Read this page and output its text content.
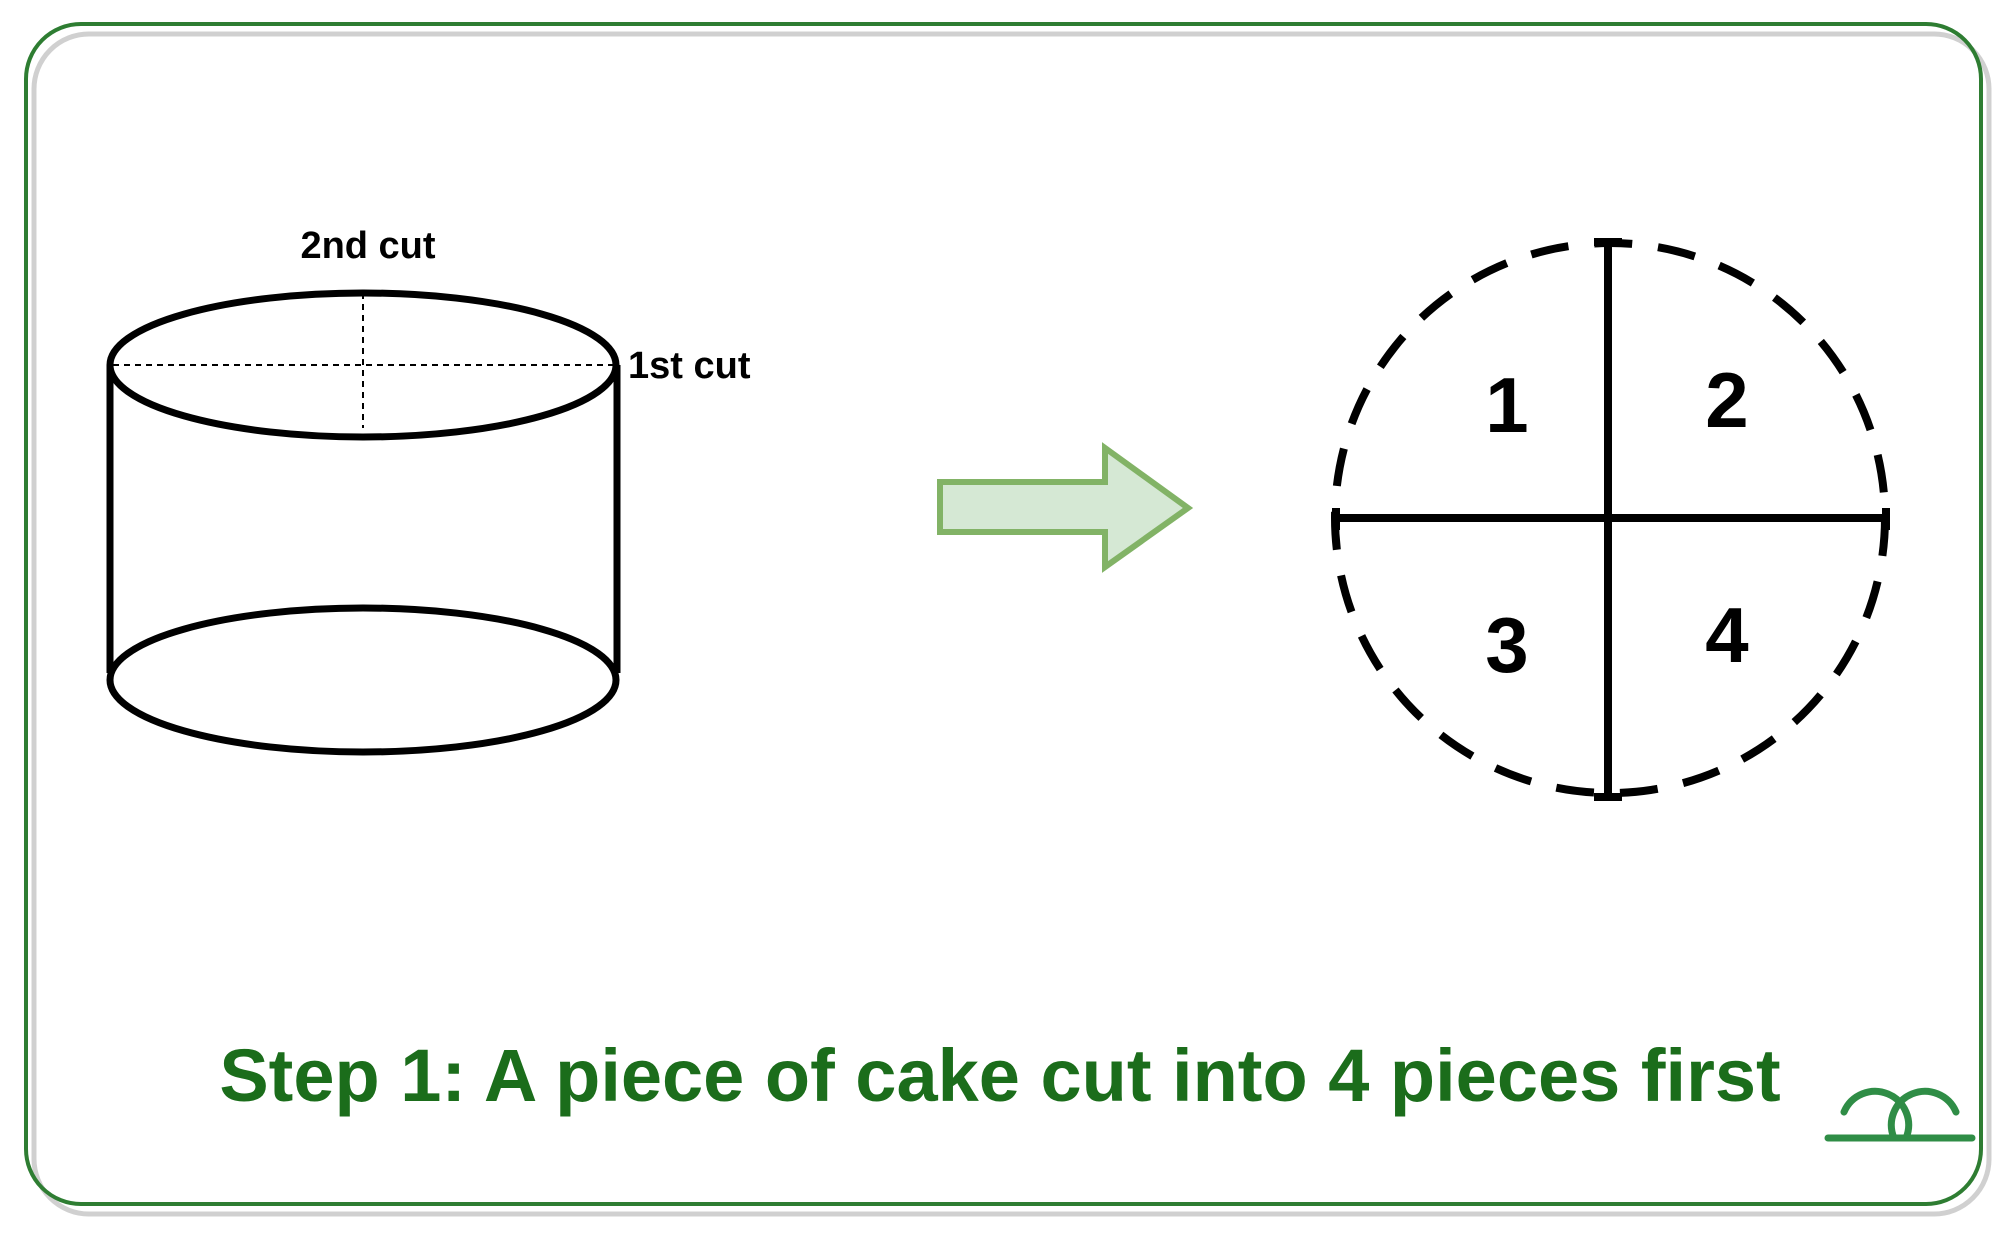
2nd cut
1st cut	1 2
3 4
Step 1: A piece of cake cut into 4 pieces first
